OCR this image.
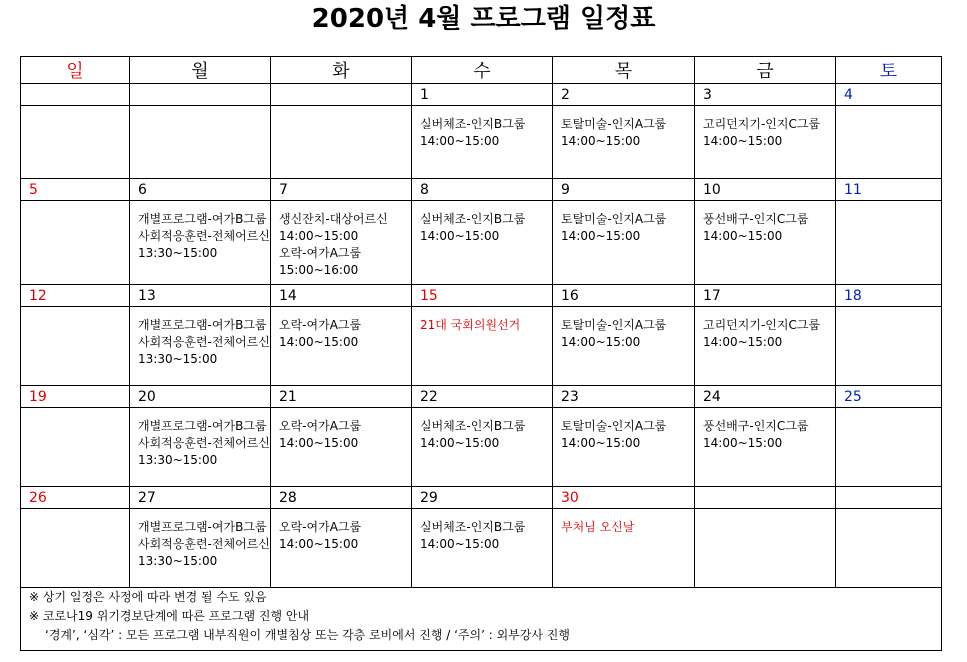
2020년 4월 프로그램 일정표
일	월	화	수	목	금	토
			1	2	3	4

			실버체조-인지B그룹
14:00~15:00	토탈미술-인지A그룹
14:00~15:00	고리던지기-인지C그룹
14:00~15:00	

5	6	7	8	9	10	11

	개별프로그램-여가B그룹
사회적응훈련-전체어르신
13:30~15:00	생신잔치-대상어르신
14:00~15:00
오락-여가A그룹
15:00~16:00	실버체조-인지B그룹
14:00~15:00	토탈미술-인지A그룹
14:00~15:00	풍선배구-인지C그룹
14:00~15:00	

12	13	14	15	16	17	18

	개별프로그램-여가B그룹
사회적응훈련-전체어르신
13:30~15:00	오락-여가A그룹
14:00~15:00	21대 국회의원선거	토탈미술-인지A그룹
14:00~15:00	고리던지기-인지C그룹
14:00~15:00	

19	20	21	22	23	24	25

	개별프로그램-여가B그룹
사회적응훈련-전체어르신
13:30~15:00	오락-여가A그룹
14:00~15:00	실버체조-인지B그룹
14:00~15:00	토탈미술-인지A그룹
14:00~15:00	풍선배구-인지C그룹
14:00~15:00	

26	27	28	29	30		

	개별프로그램-여가B그룹
사회적응훈련-전체어르신
13:30~15:00	오락-여가A그룹
14:00~15:00	실버체조-인지B그룹
14:00~15:00	부처님 오신날		

※ 상기 일정은 사정에 따라 변경 될 수도 있음
※ 코로나19 위기경보단계에 따른 프로그램 진행 안내
‘경계’, ‘심각’ : 모든 프로그램 내부직원이 개별침상 또는 각층 로비에서 진행 / ‘주의’ : 외부강사 진행						
